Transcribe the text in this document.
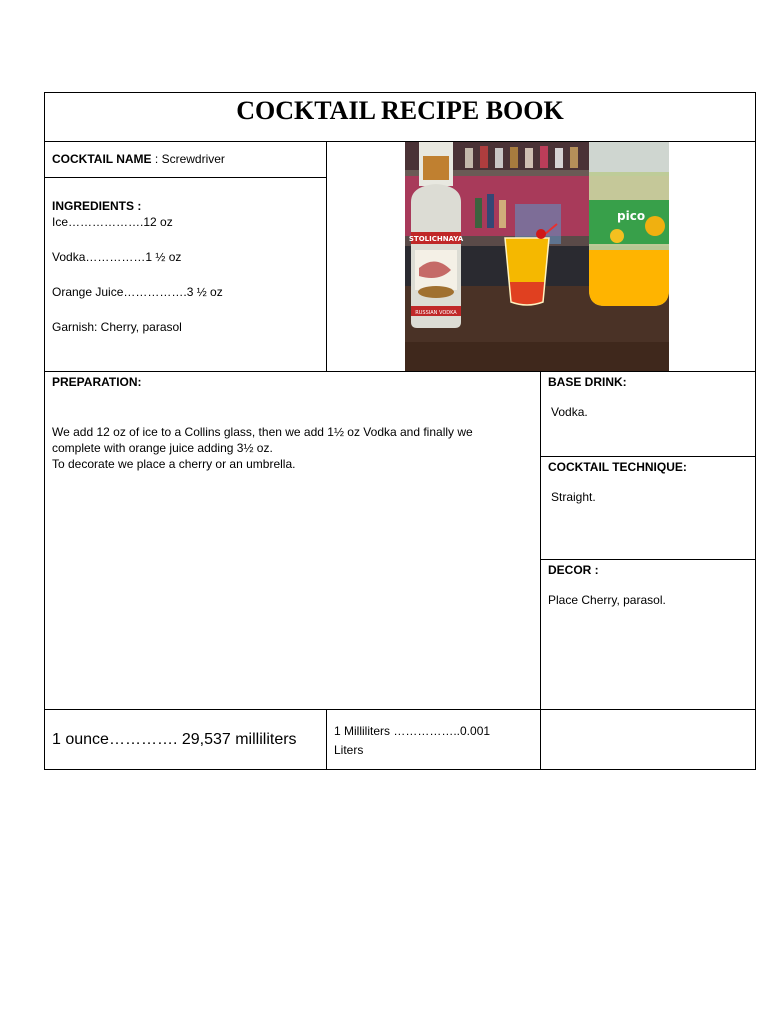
COCKTAIL RECIPE BOOK
COCKTAIL NAME : Screwdriver
INGREDIENTS :
Ice……………….12 oz
Vodka……………1 ½ oz
Orange Juice…………….3 ½ oz
Garnish: Cherry, parasol
STOLICHNAYA
RUSSIAN VODKA
pico
PREPARATION:
We add 12 oz of ice to a Collins glass, then we add 1½ oz Vodka and finally we
complete with orange juice adding 3½ oz.
To decorate we place a cherry or an umbrella.
BASE DRINK:
Vodka.
COCKTAIL TECHNIQUE:
Straight.
DECOR :
Place Cherry, parasol.
1 ounce…………. 29,537 milliliters	1 Milliliters ……………..0.001
Liters
